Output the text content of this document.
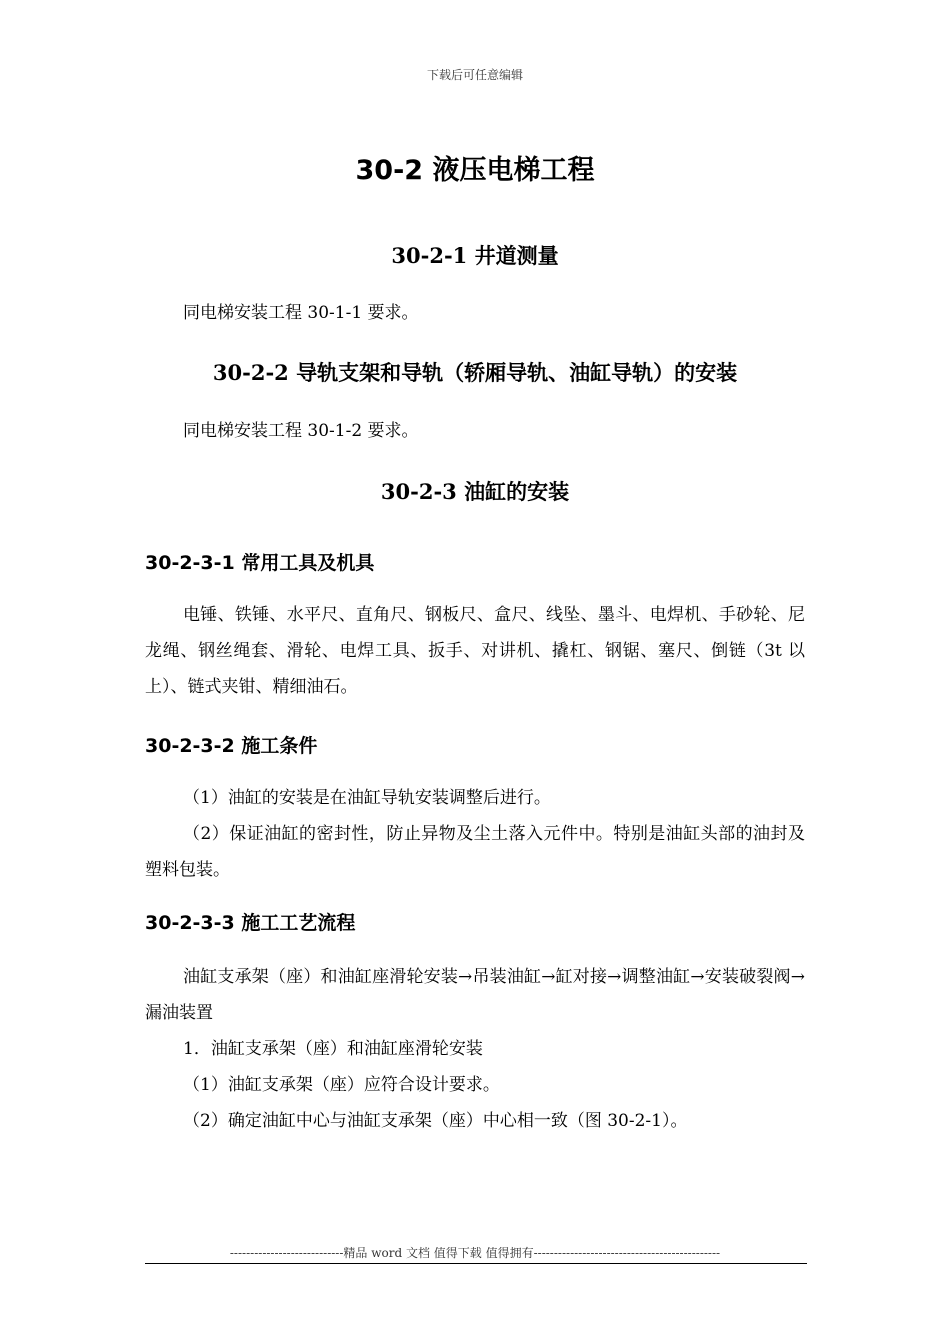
下载后可任意编辑
30-2 液压电梯工程
30-2-1 井道测量
同电梯安装工程 30-1-1 要求。
30-2-2 导轨支架和导轨（轿厢导轨、油缸导轨）的安装
同电梯安装工程 30-1-2 要求。
30-2-3 油缸的安装
30-2-3-1 常用工具及机具
电锤、铁锤、水平尺、直角尺、钢板尺、盒尺、线坠、墨斗、电焊机、手砂轮、尼龙绳、钢丝绳套、滑轮、电焊工具、扳手、对讲机、撬杠、钢锯、塞尺、倒链（3t 以上）、链式夹钳、精细油石。
30-2-3-2 施工条件
（1）油缸的安装是在油缸导轨安装调整后进行。
（2）保证油缸的密封性，防止异物及尘土落入元件中。特别是油缸头部的油封及塑料包装。
30-2-3-3 施工工艺流程
油缸支承架（座）和油缸座滑轮安装→吊装油缸→缸对接→调整油缸→安装破裂阀→漏油装置
1．油缸支承架（座）和油缸座滑轮安装
（1）油缸支承架（座）应符合设计要求。
（2）确定油缸中心与油缸支承架（座）中心相一致（图 30-2-1）。
----------------------------精品 word 文档 值得下载 值得拥有----------------------------------------------
